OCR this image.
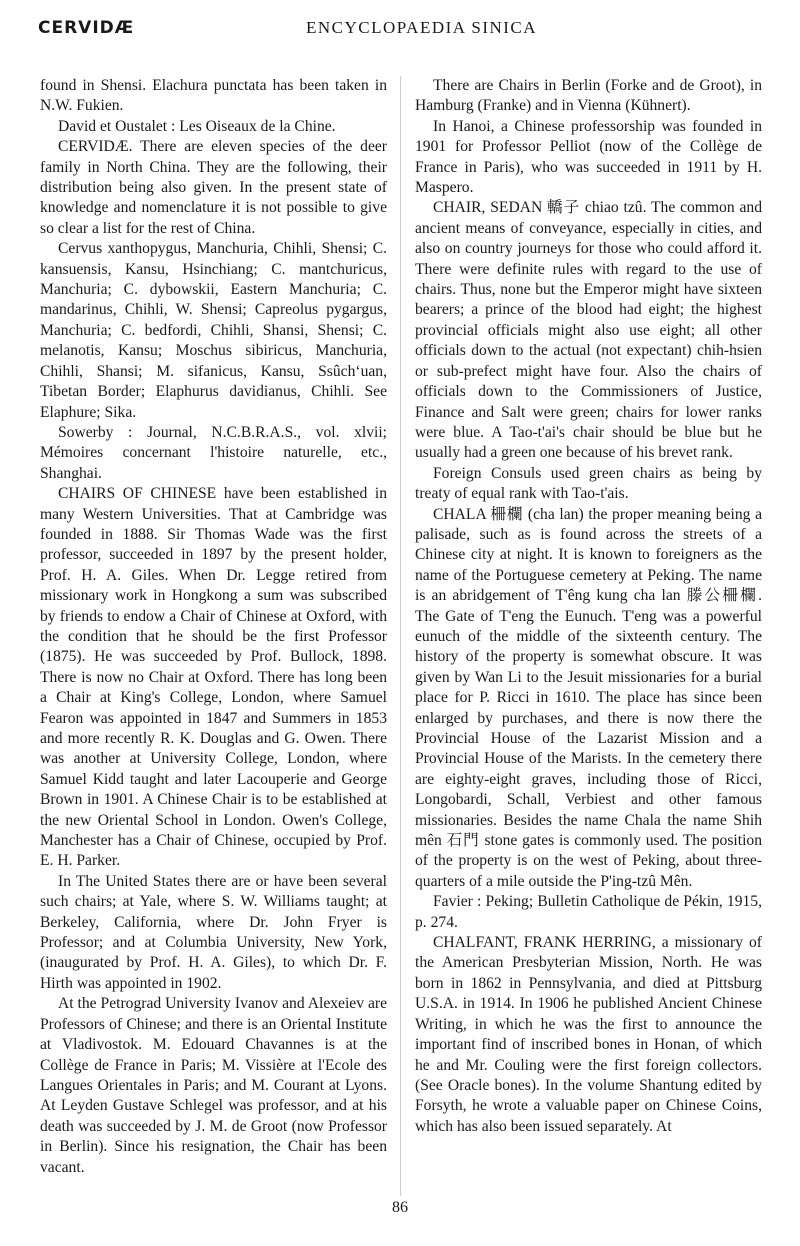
CERVIDÆ	ENCYCLOPAEDIA SINICA

found in Shensi. Elachura punctata has been taken in N.W. Fukien.

David et Oustalet : Les Oiseaux de la Chine.

CERVIDÆ. There are eleven species of the deer family in North China. They are the following, their distribution being also given. In the present state of knowledge and nomenclature it is not possible to give so clear a list for the rest of China.

Cervus xanthopygus, Manchuria, Chihli, Shensi; C. kansuensis, Kansu, Hsinchiang; C. mantchuricus, Manchuria; C. dybowskii, Eastern Manchuria; C. mandarinus, Chihli, W. Shensi; Capreolus pygargus, Manchuria; C. bedfordi, Chihli, Shansi, Shensi; C. melanotis, Kansu; Moschus sibiricus, Manchuria, Chihli, Shansi; M. sifanicus, Kansu, Ssûch‘uan, Tibetan Border; Elaphurus davidianus, Chihli. See Elaphure; Sika.

Sowerby : Journal, N.C.B.R.A.S., vol. xlvii; Mémoires concernant l'histoire naturelle, etc., Shanghai.

CHAIRS OF CHINESE have been established in many Western Universities. That at Cambridge was founded in 1888. Sir Thomas Wade was the first professor, succeeded in 1897 by the present holder, Prof. H. A. Giles. When Dr. Legge retired from missionary work in Hongkong a sum was subscribed by friends to endow a Chair of Chinese at Oxford, with the condition that he should be the first Professor (1875). He was succeeded by Prof. Bullock, 1898. There is now no Chair at Oxford. There has long been a Chair at King's College, London, where Samuel Fearon was appointed in 1847 and Summers in 1853 and more recently R. K. Douglas and G. Owen. There was another at University College, London, where Samuel Kidd taught and later Lacouperie and George Brown in 1901. A Chinese Chair is to be established at the new Oriental School in London. Owen's College, Manchester has a Chair of Chinese, occupied by Prof. E. H. Parker.

In The United States there are or have been several such chairs; at Yale, where S. W. Williams taught; at Berkeley, California, where Dr. John Fryer is Professor; and at Columbia University, New York, (inaugurated by Prof. H. A. Giles), to which Dr. F. Hirth was appointed in 1902.

At the Petrograd University Ivanov and Alexeiev are Professors of Chinese; and there is an Oriental Institute at Vladivostok. M. Edouard Chavannes is at the Collège de France in Paris; M. Vissière at l'Ecole des Langues Orientales in Paris; and M. Courant at Lyons. At Leyden Gustave Schlegel was professor, and at his death was succeeded by J. M. de Groot (now Professor in Berlin). Since his resignation, the Chair has been vacant.

There are Chairs in Berlin (Forke and de Groot), in Hamburg (Franke) and in Vienna (Kühnert).

In Hanoi, a Chinese professorship was founded in 1901 for Professor Pelliot (now of the Collège de France in Paris), who was succeeded in 1911 by H. Maspero.

CHAIR, SEDAN 轎子 chiao tzû. The common and ancient means of conveyance, especially in cities, and also on country journeys for those who could afford it. There were definite rules with regard to the use of chairs. Thus, none but the Emperor might have sixteen bearers; a prince of the blood had eight; the highest provincial officials might also use eight; all other officials down to the actual (not expectant) chih-hsien or sub-prefect might have four. Also the chairs of officials down to the Commissioners of Justice, Finance and Salt were green; chairs for lower ranks were blue. A Tao-t'ai's chair should be blue but he usually had a green one because of his brevet rank.

Foreign Consuls used green chairs as being by treaty of equal rank with Tao-t'ais.

CHALA 柵欄 (cha lan) the proper meaning being a palisade, such as is found across the streets of a Chinese city at night. It is known to foreigners as the name of the Portuguese cemetery at Peking. The name is an abridgement of T'êng kung cha lan 滕公柵欄. The Gate of T'eng the Eunuch. T'eng was a powerful eunuch of the middle of the sixteenth century. The history of the property is somewhat obscure. It was given by Wan Li to the Jesuit missionaries for a burial place for P. Ricci in 1610. The place has since been enlarged by purchases, and there is now there the Provincial House of the Lazarist Mission and a Provincial House of the Marists. In the cemetery there are eighty-eight graves, including those of Ricci, Longobardi, Schall, Verbiest and other famous missionaries. Besides the name Chala the name Shih mên 石門 stone gates is commonly used. The position of the property is on the west of Peking, about three-quarters of a mile outside the P'ing-tzû Mên.

Favier : Peking; Bulletin Catholique de Pékin, 1915, p. 274.

CHALFANT, FRANK HERRING, a missionary of the American Presbyterian Mission, North. He was born in 1862 in Pennsylvania, and died at Pittsburg U.S.A. in 1914. In 1906 he published Ancient Chinese Writing, in which he was the first to announce the important find of inscribed bones in Honan, of which he and Mr. Couling were the first foreign collectors. (See Oracle bones). In the volume Shantung edited by Forsyth, he wrote a valuable paper on Chinese Coins, which has also been issued separately. At

86
